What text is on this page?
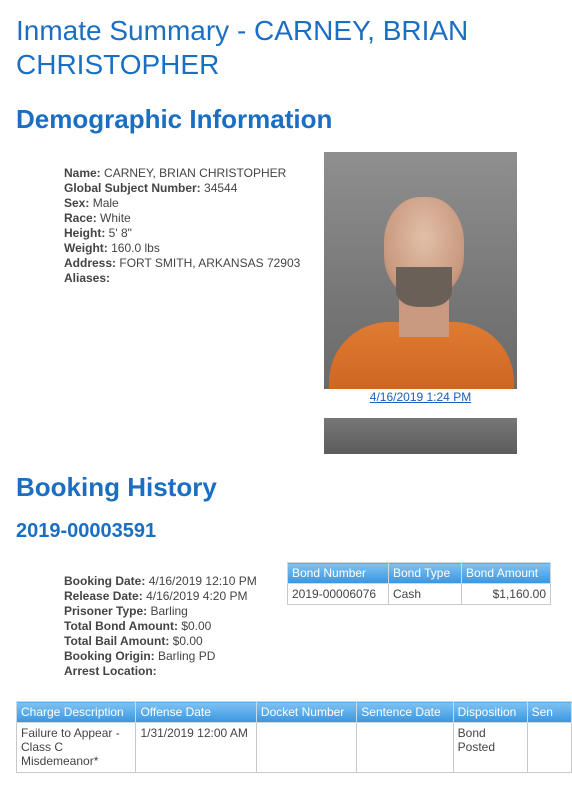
Inmate Summary - CARNEY, BRIAN CHRISTOPHER
Demographic Information
Name: CARNEY, BRIAN CHRISTOPHER
Global Subject Number: 34544
Sex: Male
Race: White
Height: 5' 8"
Weight: 160.0 lbs
Address: FORT SMITH, ARKANSAS 72903
Aliases:
4/16/2019 1:24 PM
Booking History
2019-00003591
Booking Date: 4/16/2019 12:10 PM
Release Date: 4/16/2019 4:20 PM
Prisoner Type: Barling
Total Bond Amount: $0.00
Total Bail Amount: $0.00
Booking Origin: Barling PD
Arrest Location:
Bond Number	Bond Type	Bond Amount
2019-00006076	Cash	$1,160.00
Charge Description	Offense Date	Docket Number	Sentence Date	Disposition	Sen
Failure to Appear - Class C Misdemeanor*	1/31/2019 12:00 AM			Bond Posted	
